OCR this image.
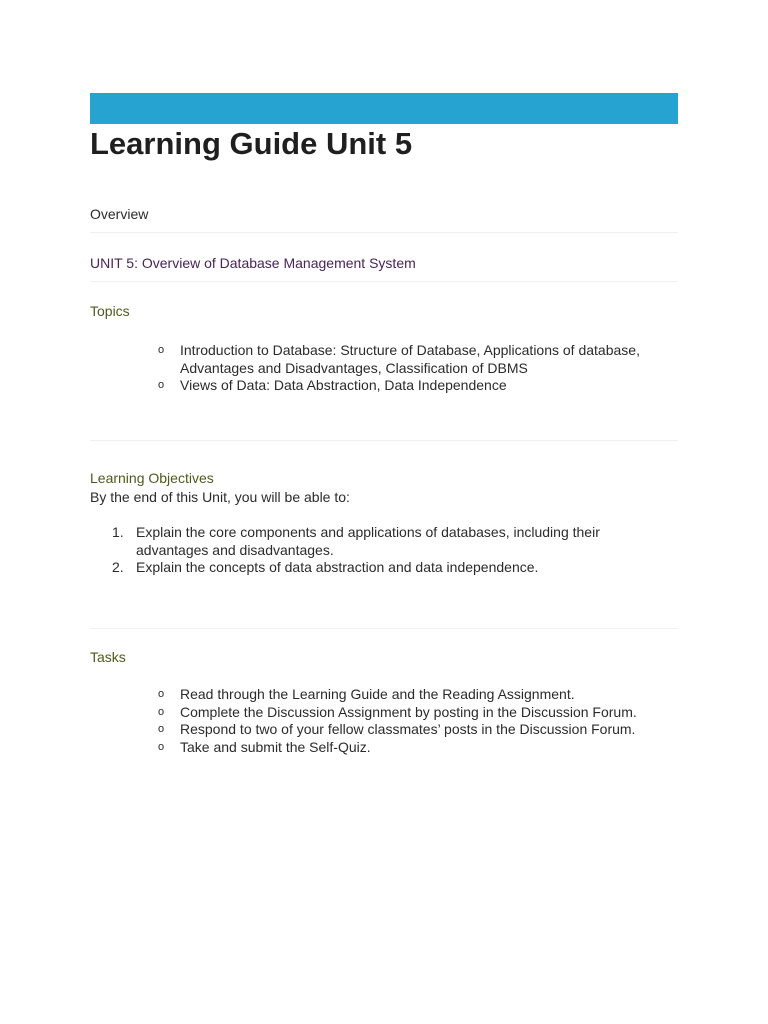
Learning Guide Unit 5
Overview
UNIT 5: Overview of Database Management System
Topics
o Introduction to Database: Structure of Database, Applications of database, Advantages and Disadvantages, Classification of DBMS
o Views of Data: Data Abstraction, Data Independence
Learning Objectives
By the end of this Unit, you will be able to:
1. Explain the core components and applications of databases, including their advantages and disadvantages.
2. Explain the concepts of data abstraction and data independence.
Tasks
o Read through the Learning Guide and the Reading Assignment.
o Complete the Discussion Assignment by posting in the Discussion Forum.
o Respond to two of your fellow classmates’ posts in the Discussion Forum.
o Take and submit the Self-Quiz.
